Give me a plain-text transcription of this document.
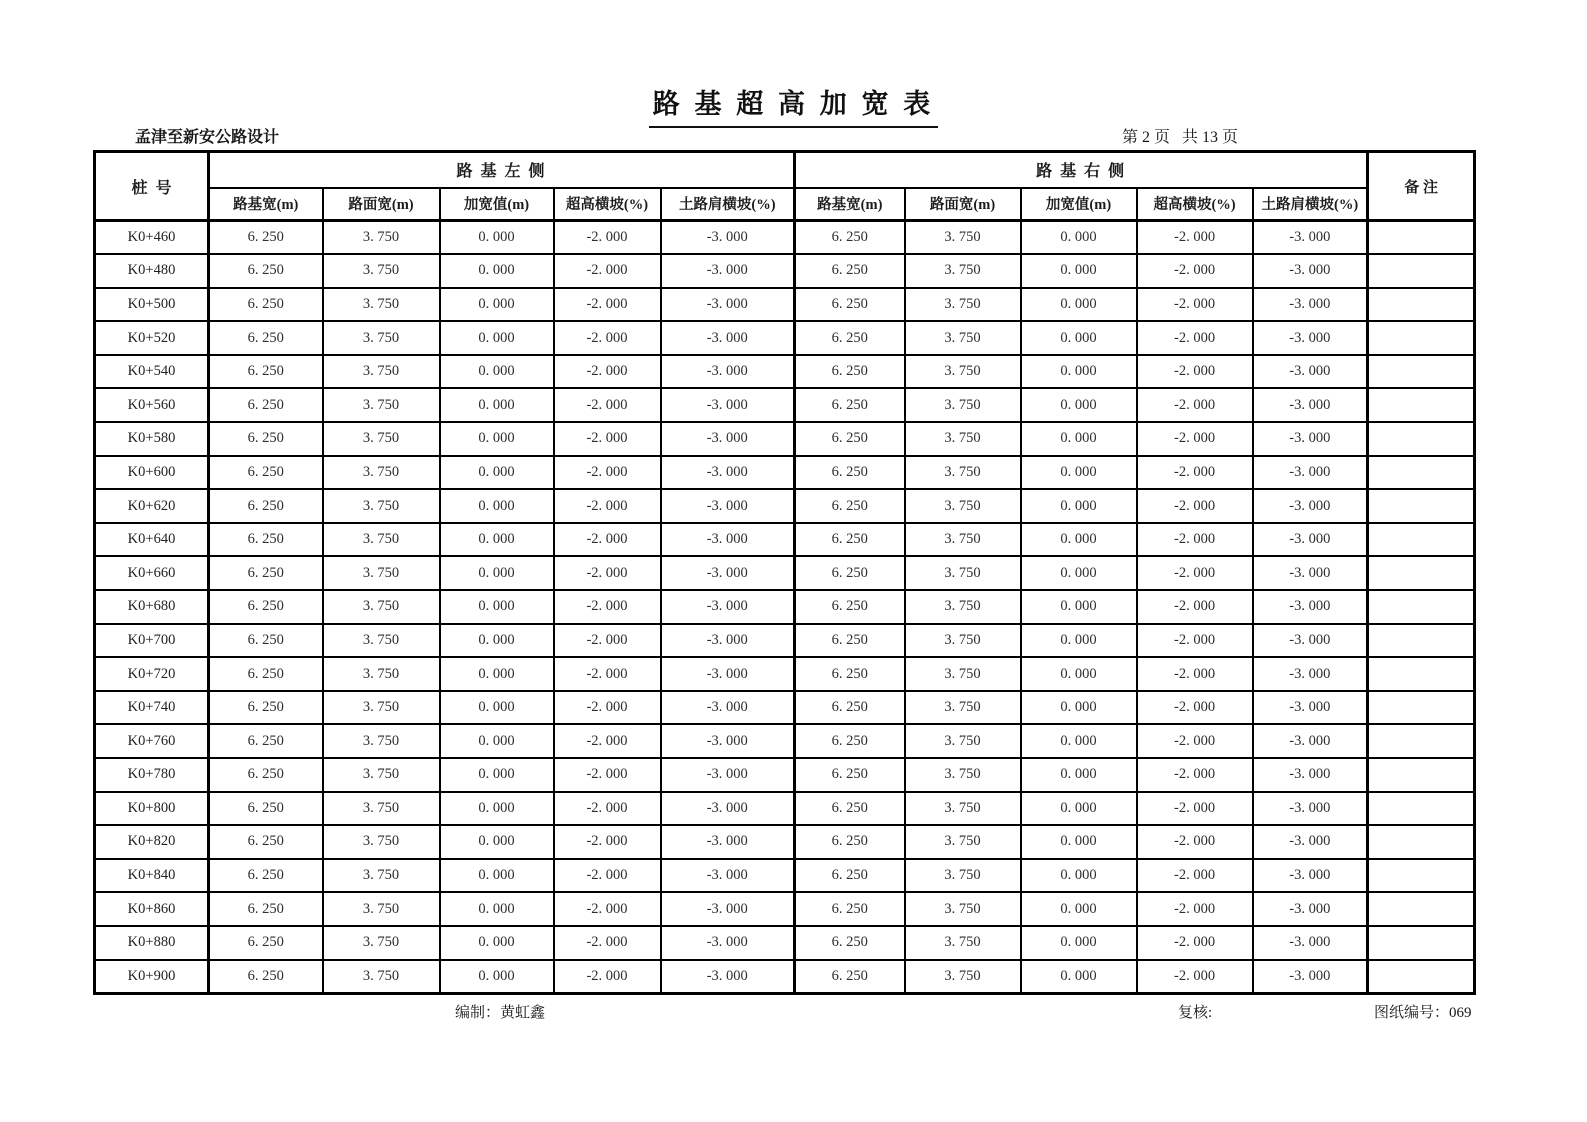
路 基 超 高 加 宽 表
孟津至新安公路设计	第 2 页   共 13 页
桩  号	路 基 左 侧					路 基 右 侧					备 注
	路基宽(m)	路面宽(m)	加宽值(m)	超高横坡(%)	土路肩横坡(%)	路基宽(m)	路面宽(m)	加宽值(m)	超高横坡(%)	土路肩横坡(%)	
K0+460	6. 250	3. 750	0. 000	-2. 000	-3. 000	6. 250	3. 750	0. 000	-2. 000	-3. 000	
K0+480	6. 250	3. 750	0. 000	-2. 000	-3. 000	6. 250	3. 750	0. 000	-2. 000	-3. 000	
K0+500	6. 250	3. 750	0. 000	-2. 000	-3. 000	6. 250	3. 750	0. 000	-2. 000	-3. 000	
K0+520	6. 250	3. 750	0. 000	-2. 000	-3. 000	6. 250	3. 750	0. 000	-2. 000	-3. 000	
K0+540	6. 250	3. 750	0. 000	-2. 000	-3. 000	6. 250	3. 750	0. 000	-2. 000	-3. 000	
K0+560	6. 250	3. 750	0. 000	-2. 000	-3. 000	6. 250	3. 750	0. 000	-2. 000	-3. 000	
K0+580	6. 250	3. 750	0. 000	-2. 000	-3. 000	6. 250	3. 750	0. 000	-2. 000	-3. 000	
K0+600	6. 250	3. 750	0. 000	-2. 000	-3. 000	6. 250	3. 750	0. 000	-2. 000	-3. 000	
K0+620	6. 250	3. 750	0. 000	-2. 000	-3. 000	6. 250	3. 750	0. 000	-2. 000	-3. 000	
K0+640	6. 250	3. 750	0. 000	-2. 000	-3. 000	6. 250	3. 750	0. 000	-2. 000	-3. 000	
K0+660	6. 250	3. 750	0. 000	-2. 000	-3. 000	6. 250	3. 750	0. 000	-2. 000	-3. 000	
K0+680	6. 250	3. 750	0. 000	-2. 000	-3. 000	6. 250	3. 750	0. 000	-2. 000	-3. 000	
K0+700	6. 250	3. 750	0. 000	-2. 000	-3. 000	6. 250	3. 750	0. 000	-2. 000	-3. 000	
K0+720	6. 250	3. 750	0. 000	-2. 000	-3. 000	6. 250	3. 750	0. 000	-2. 000	-3. 000	
K0+740	6. 250	3. 750	0. 000	-2. 000	-3. 000	6. 250	3. 750	0. 000	-2. 000	-3. 000	
K0+760	6. 250	3. 750	0. 000	-2. 000	-3. 000	6. 250	3. 750	0. 000	-2. 000	-3. 000	
K0+780	6. 250	3. 750	0. 000	-2. 000	-3. 000	6. 250	3. 750	0. 000	-2. 000	-3. 000	
K0+800	6. 250	3. 750	0. 000	-2. 000	-3. 000	6. 250	3. 750	0. 000	-2. 000	-3. 000	
K0+820	6. 250	3. 750	0. 000	-2. 000	-3. 000	6. 250	3. 750	0. 000	-2. 000	-3. 000	
K0+840	6. 250	3. 750	0. 000	-2. 000	-3. 000	6. 250	3. 750	0. 000	-2. 000	-3. 000	
K0+860	6. 250	3. 750	0. 000	-2. 000	-3. 000	6. 250	3. 750	0. 000	-2. 000	-3. 000	
K0+880	6. 250	3. 750	0. 000	-2. 000	-3. 000	6. 250	3. 750	0. 000	-2. 000	-3. 000	
K0+900	6. 250	3. 750	0. 000	-2. 000	-3. 000	6. 250	3. 750	0. 000	-2. 000	-3. 000	
编制：黄虹鑫	复核:	图纸编号：069
